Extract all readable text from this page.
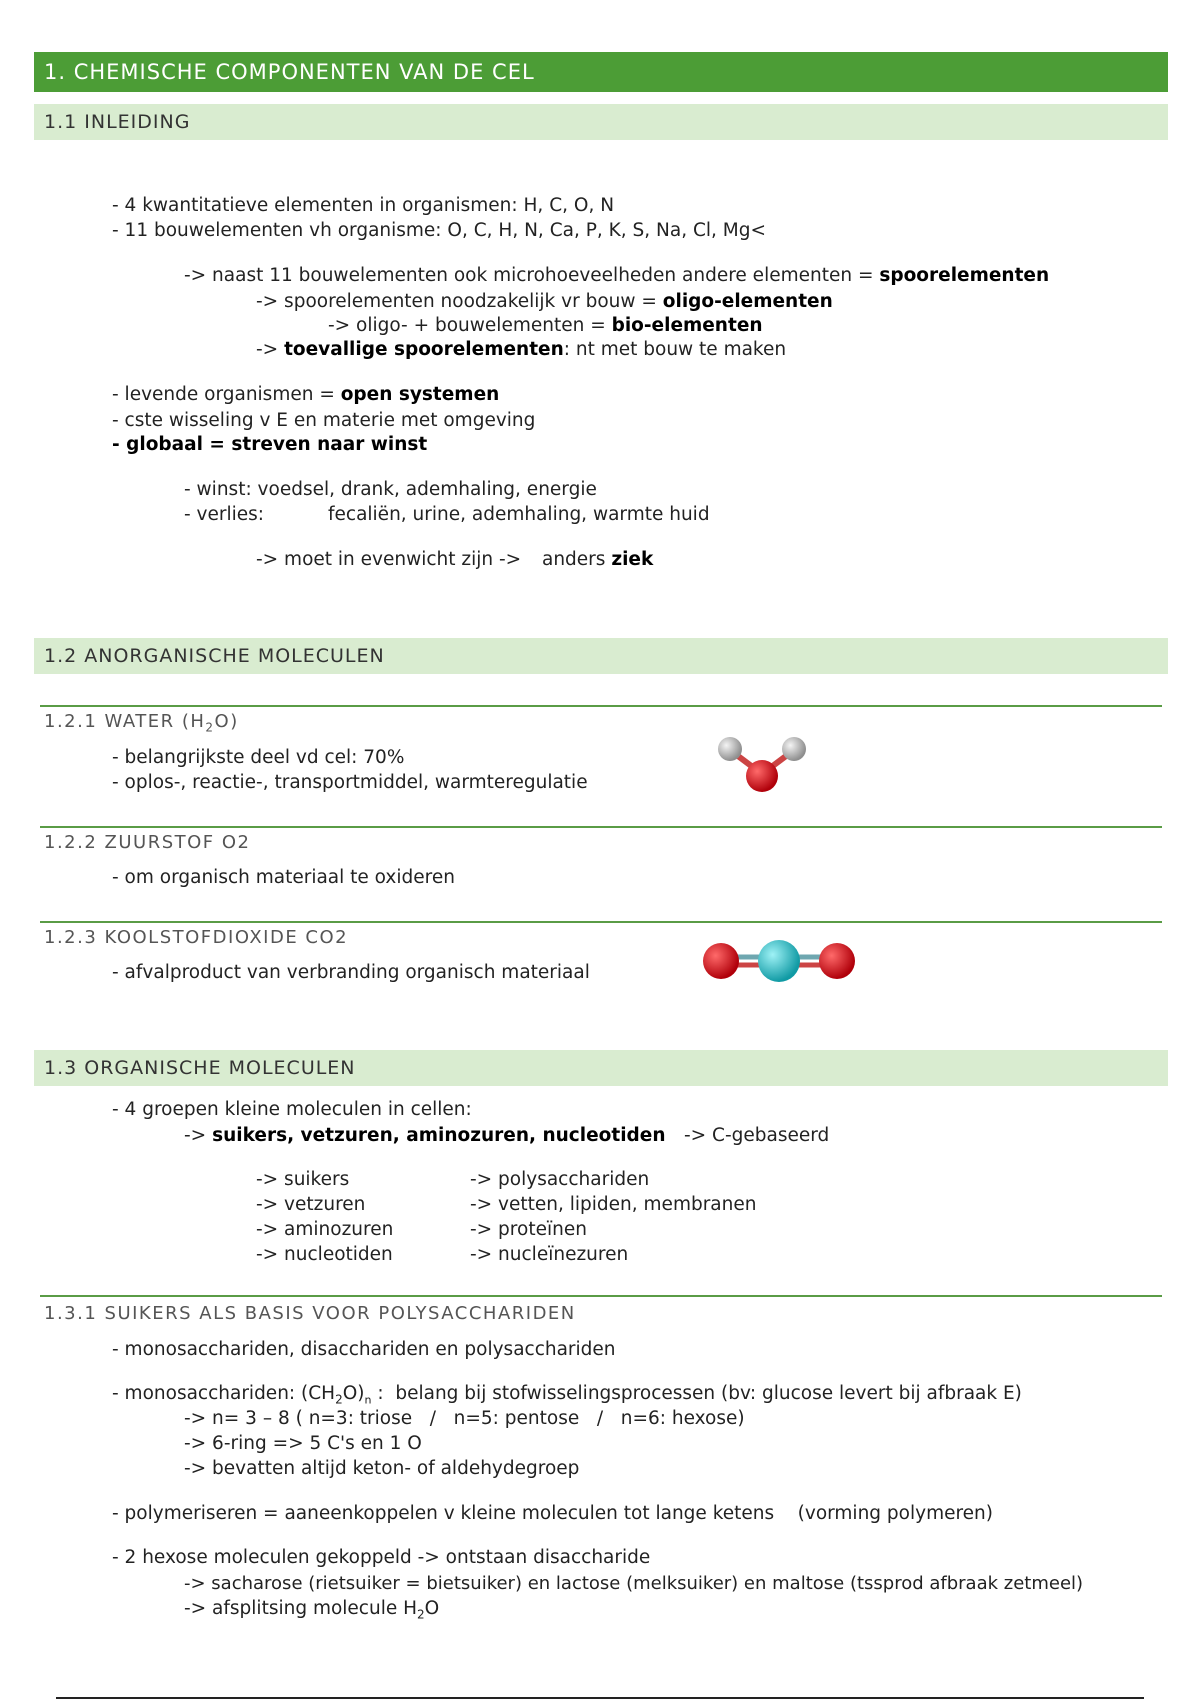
1. CHEMISCHE COMPONENTEN VAN DE CEL
1.1 INLEIDING
- 4 kwantitatieve elementen in organismen: H, C, O, N
- 11 bouwelementen vh organisme: O, C, H, N, Ca, P, K, S, Na, Cl, Mg<
-> naast 11 bouwelementen ook microhoeveelheden andere elementen = spoorelementen
-> spoorelementen noodzakelijk vr bouw = oligo-elementen
-> oligo- + bouwelementen = bio-elementen
-> toevallige spoorelementen: nt met bouw te maken
- levende organismen = open systemen
- cste wisseling v E en materie met omgeving
- globaal = streven naar winst
- winst: voedsel, drank, ademhaling, energie
- verlies:	fecaliën, urine, ademhaling, warmte huid
-> moet in evenwicht zijn -> anders ziek
1.2 ANORGANISCHE MOLECULEN
1.2.1 WATER $(H_2O)$
- belangrijkste deel vd cel: 70%
- oplos-, reactie-, transportmiddel, warmteregulatie
1.2.2 ZUURSTOF O2
- om organisch materiaal te oxideren
1.2.3 KOOLSTOFDIOXIDE CO2
- afvalproduct van verbranding organisch materiaal
1.3 ORGANISCHE MOLECULEN
- 4 groepen kleine moleculen in cellen:
-> suikers, vetzuren, aminozuren, nucleotiden -> C-gebaseerd
-> suikers	-> polysacchariden
-> vetzuren	-> vetten, lipiden, membranen
-> aminozuren	-> proteïnen
-> nucleotiden	-> nucleïnezuren
1.3.1 SUIKERS ALS BASIS VOOR POLYSACCHARIDEN
- monosacchariden, disacchariden en polysacchariden
- monosacchariden: $(CH_2O)_n$ :  belang bij stofwisselingsprocessen (bv: glucose levert bij afbraak E)
-> n= 3 – 8 ( n=3: triose   /   n=5: pentose   /   n=6: hexose)
-> 6-ring => 5 C's en 1 O
-> bevatten altijd keton- of aldehydegroep
- polymeriseren = aaneenkoppelen v kleine moleculen tot lange ketens    (vorming polymeren)
- 2 hexose moleculen gekoppeld -> ontstaan disaccharide
-> sacharose (rietsuiker = bietsuiker) en lactose (melksuiker) en maltose (tssprod afbraak zetmeel)
-> afsplitsing molecule $H_2O$
